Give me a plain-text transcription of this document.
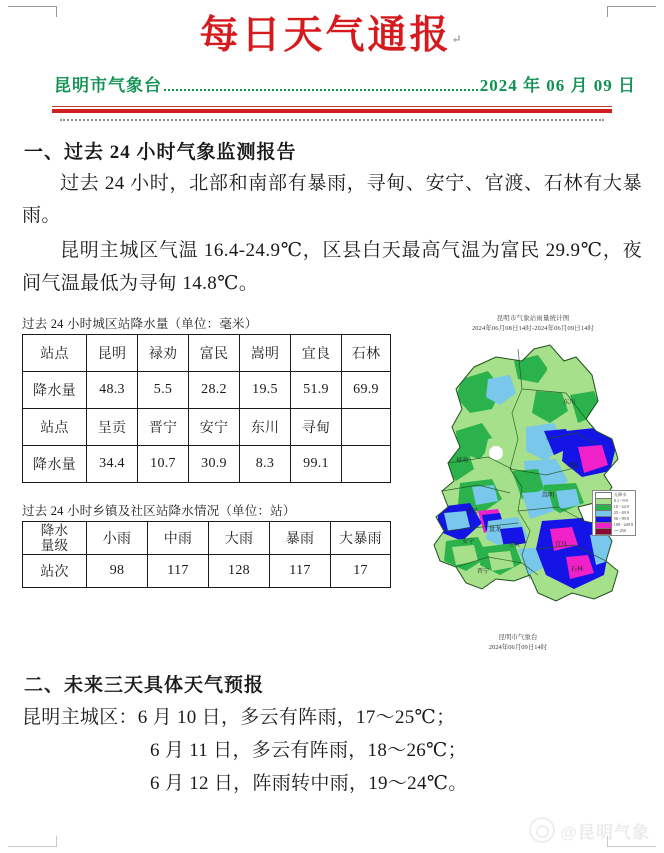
每日天气通报↵
昆明市气象台	2024 年 06 月 09 日
一、过去 24 小时气象监测报告
过去 24 小时，北部和南部有暴雨，寻甸、安宁、官渡、石林有大暴雨。
昆明主城区气温 16.4-24.9℃，区县白天最高气温为富民 29.9℃，夜间气温最低为寻甸 14.8℃。
过去 24 小时城区站降水量（单位：毫米）
站点	昆明	禄劝	富民	嵩明	宜良	石林
降水量	48.3	5.5	28.2	19.5	51.9	69.9
站点	呈贡	晋宁	安宁	东川	寻甸	
降水量	34.4	10.7	30.9	8.3	99.1	
过去 24 小时乡镇及社区站降水情况（单位：站）
降水
量级	小雨	中雨	大雨	暴雨	大暴雨
站次	98	117	128	117	17
昆明市气象站雨量统计图
2024年06月08日14时-2024年06月09日14时
东川
禄劝
寻甸
嵩明
富民
盘龙
安宁	呈贡	宜良
晋宁	石林
无降水
0.1 - 9.9
10 - 24.9
25 - 49.9
50 - 99.9
100 - 249.9
>= 250
昆明市气象台
2024年06月09日14时
二、未来三天具体天气预报
昆明主城区：6 月 10 日，多云有阵雨，17～25℃；
6 月 11 日，多云有阵雨，18～26℃；
6 月 12 日，阵雨转中雨，19～24℃。
@昆明气象
